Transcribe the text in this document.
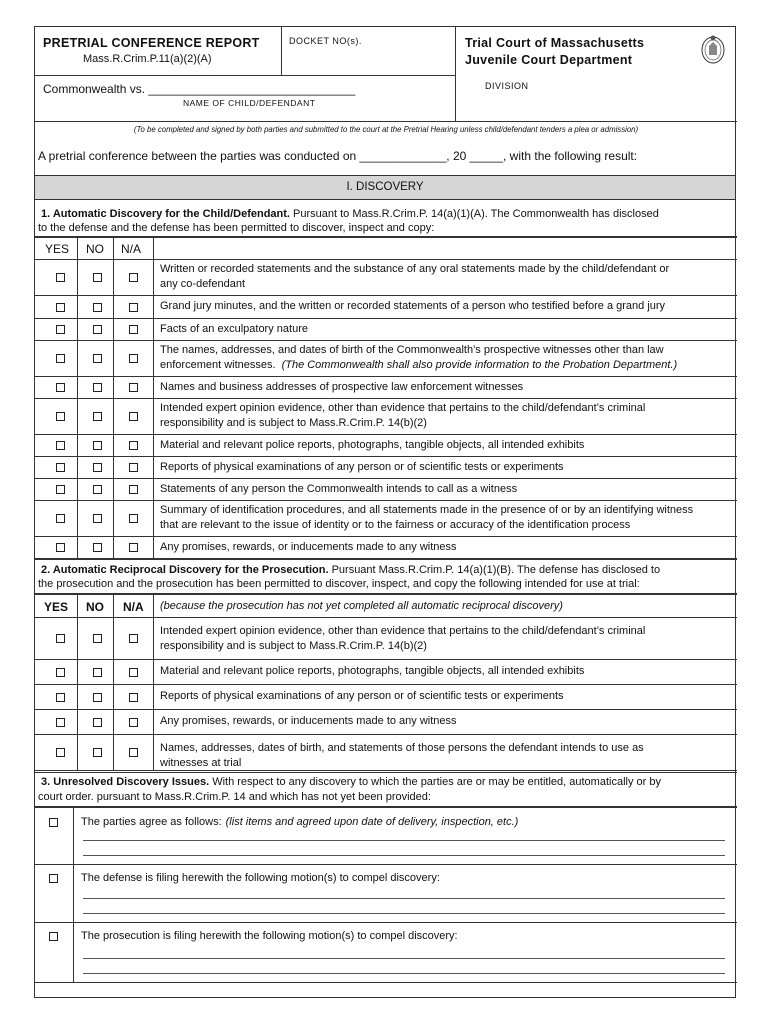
PRETRIAL CONFERENCE REPORT
Mass.R.Crim.P.11(a)(2)(A)
DOCKET NO(s).	Trial Court of Massachusetts
Juvenile Court Department
Commonwealth vs. _______________________________
NAME OF CHILD/DEFENDANT
DIVISION
(To be completed and signed by both parties and submitted to the court at the Pretrial Hearing unless child/defendant tenders a plea or admission)
A pretrial conference between the parties was conducted on _____________, 20 _____, with the following result:
I. DISCOVERY
1. Automatic Discovery for the Child/Defendant. Pursuant to Mass.R.Crim.P. 14(a)(1)(A). The Commonwealth has disclosed
to the defense and the defense has been permitted to discover, inspect and copy:
YES NO N/A
Written or recorded statements and the substance of any oral statements made by the child/defendant or
any co-defendant
Grand jury minutes, and the written or recorded statements of a person who testified before a grand jury
Facts of an exculpatory nature
The names, addresses, and dates of birth of the Commonwealth’s prospective witnesses other than law
enforcement witnesses. (The Commonwealth shall also provide information to the Probation Department.)
Names and business addresses of prospective law enforcement witnesses
Intended expert opinion evidence, other than evidence that pertains to the child/defendant’s criminal
responsibility and is subject to Mass.R.Crim.P. 14(b)(2)
Material and relevant police reports, photographs, tangible objects, all intended exhibits
Reports of physical examinations of any person or of scientific tests or experiments
Statements of any person the Commonwealth intends to call as a witness
Summary of identification procedures, and all statements made in the presence of or by an identifying witness
that are relevant to the issue of identity or to the fairness or accuracy of the identification process
Any promises, rewards, or inducements made to any witness
2. Automatic Reciprocal Discovery for the Prosecution. Pursuant Mass.R.Crim.P. 14(a)(1)(B). The defense has disclosed to
the prosecution and the prosecution has been permitted to discover, inspect, and copy the following intended for use at trial:
YES NO N/A (because the prosecution has not yet completed all automatic reciprocal discovery)
Intended expert opinion evidence, other than evidence that pertains to the child/defendant’s criminal
responsibility and is subject to Mass.R.Crim.P. 14(b)(2)
Material and relevant police reports, photographs, tangible objects, all intended exhibits
Reports of physical examinations of any person or of scientific tests or experiments
Any promises, rewards, or inducements made to any witness
Names, addresses, dates of birth, and statements of those persons the defendant intends to use as
witnesses at trial
3. Unresolved Discovery Issues. With respect to any discovery to which the parties are or may be entitled, automatically or by
court order. pursuant to Mass.R.Crim.P. 14 and which has not yet been provided:
The parties agree as follows: (list items and agreed upon date of delivery, inspection, etc.)
The defense is filing herewith the following motion(s) to compel discovery:
The prosecution is filing herewith the following motion(s) to compel discovery:
